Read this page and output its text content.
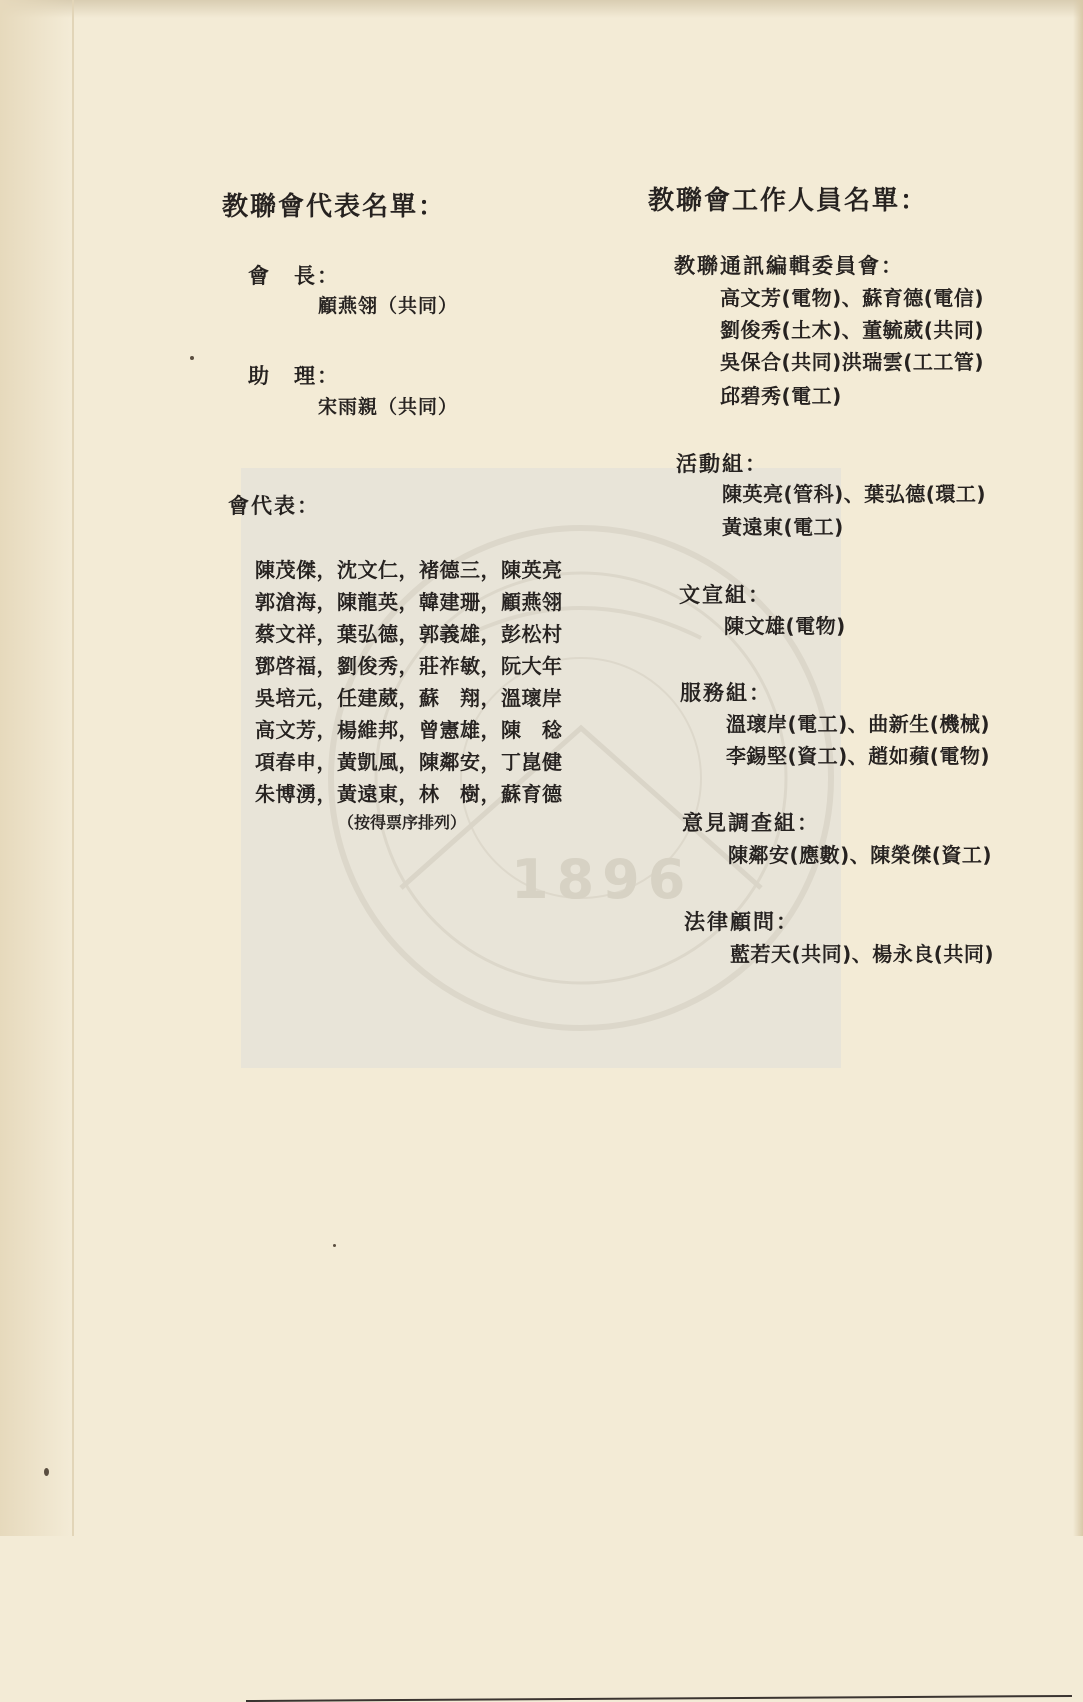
1896
教聯會代表名單：
會　長：
顧燕翎（共同）
助　理：
宋雨親（共同）
會代表：
陳茂傑，沈文仁，褚德三，陳英亮
郭滄海，陳龍英，韓建珊，顧燕翎
蔡文祥，葉弘德，郭義雄，彭松村
鄧啓福，劉俊秀，莊祚敏，阮大年
吳培元，任建葳，蘇　翔，溫瓌岸
高文芳，楊維邦，曾憲雄，陳　稔
項春申，黃凱風，陳鄰安，丁崑健
朱博湧，黃遠東，林　樹，蘇育德
（按得票序排列）
教聯會工作人員名單：
教聯通訊編輯委員會：
高文芳(電物)、蘇育德(電信)
劉俊秀(土木)、董毓葳(共同)
吳保合(共同)洪瑞雲(工工管)
邱碧秀(電工)
活動組：
陳英亮(管科)、葉弘德(環工)
黃遠東(電工)
文宣組：
陳文雄(電物)
服務組：
溫瓌岸(電工)、曲新生(機械)
李錫堅(資工)、趙如蘋(電物)
意見調查組：
陳鄰安(應數)、陳榮傑(資工)
法律顧問：
藍若天(共同)、楊永良(共同)
